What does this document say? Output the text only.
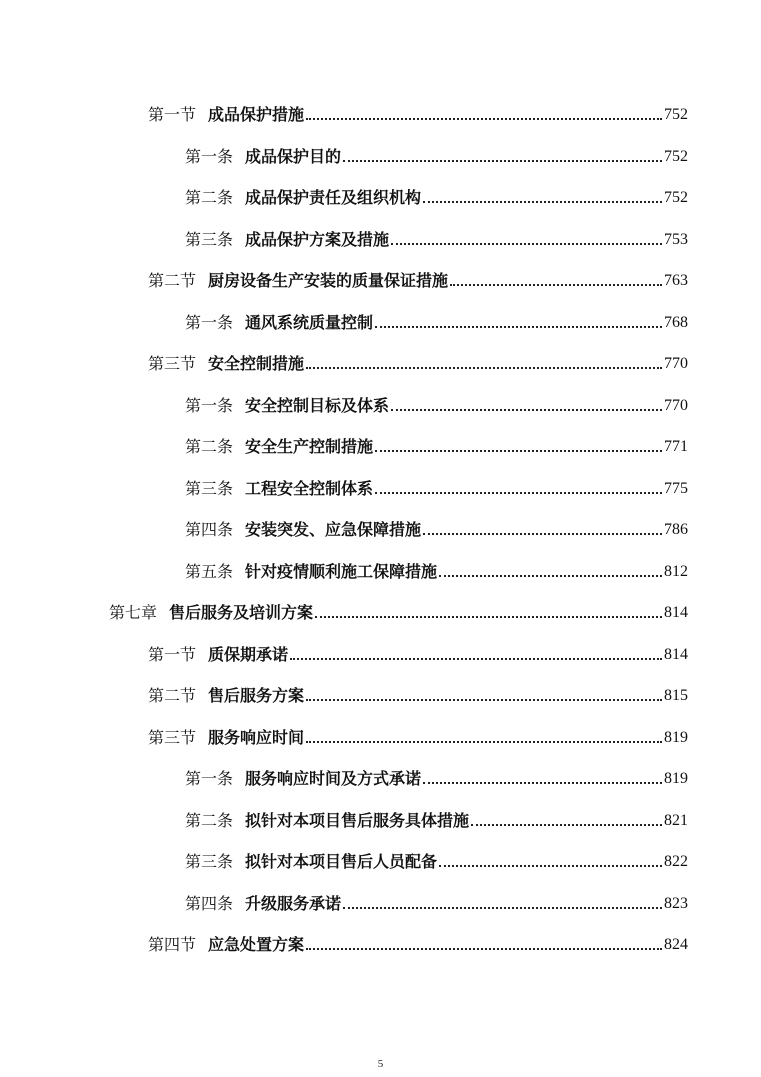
第一节 成品保护措施	752
第一条 成品保护目的	752
第二条 成品保护责任及组织机构	752
第三条 成品保护方案及措施	753
第二节 厨房设备生产安装的质量保证措施	763
第一条 通风系统质量控制	768
第三节 安全控制措施	770
第一条 安全控制目标及体系	770
第二条 安全生产控制措施	771
第三条 工程安全控制体系	775
第四条 安装突发、应急保障措施	786
第五条 针对疫情顺利施工保障措施	812
第七章 售后服务及培训方案	814
第一节 质保期承诺	814
第二节 售后服务方案	815
第三节 服务响应时间	819
第一条 服务响应时间及方式承诺	819
第二条 拟针对本项目售后服务具体措施	821
第三条 拟针对本项目售后人员配备	822
第四条 升级服务承诺	823
第四节 应急处置方案	824
5
